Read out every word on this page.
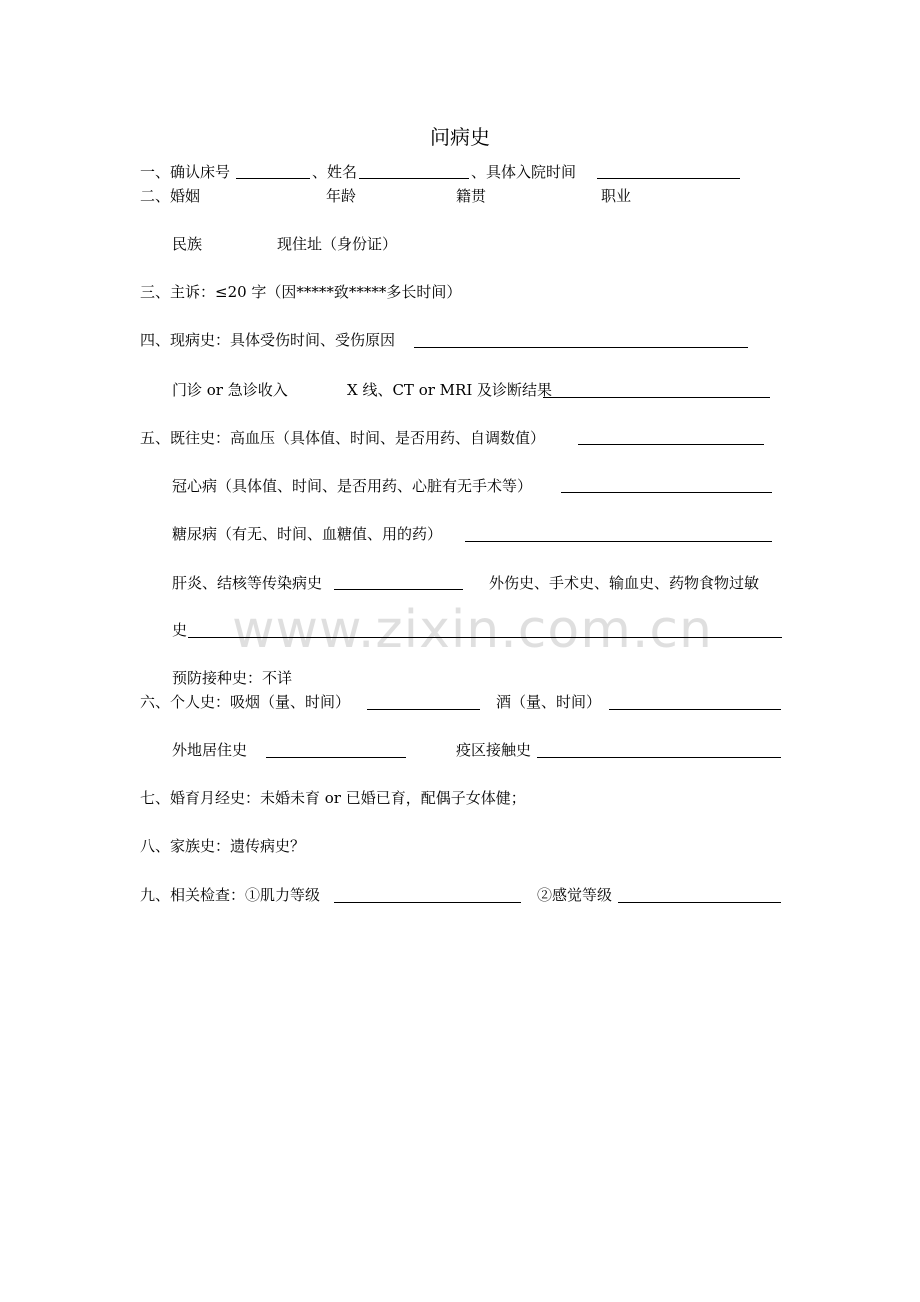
问病史
www.zixin.com.cn
一、确认床号	、姓名	、具体入院时间
二、婚姻	年龄	籍贯	职业
民族	现住址（身份证）
三、主诉：≤20 字（因*****致*****多长时间）
四、现病史：具体受伤时间、受伤原因
门诊 or 急诊收入	X 线、CT or MRI 及诊断结果
五、既往史：高血压（具体值、时间、是否用药、自调数值）
冠心病（具体值、时间、是否用药、心脏有无手术等）
糖尿病（有无、时间、血糖值、用的药）
肝炎、结核等传染病史	外伤史、手术史、输血史、药物食物过敏
史
预防接种史：不详
六、个人史：吸烟（量、时间）	酒（量、时间）
外地居住史	疫区接触史
七、婚育月经史：未婚未育 or 已婚已育，配偶子女体健；
八、家族史：遗传病史？
九、相关检查：①肌力等级	②感觉等级
